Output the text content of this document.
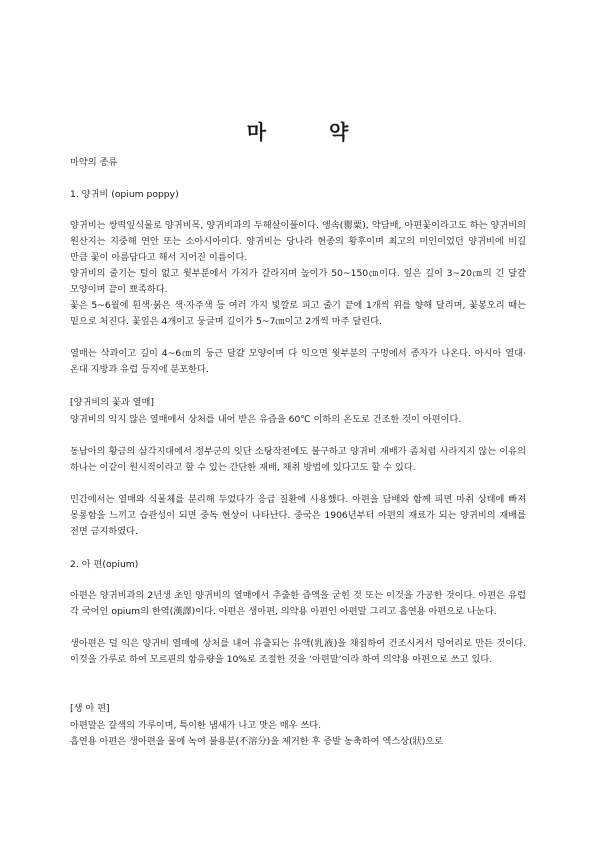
마 약
마약의 종류
1. 양귀비 (opium poppy)
양귀비는 쌍떡잎식물로 양귀비목, 양귀비과의 두해살이풀이다. 앵속(罌粟), 약담배, 아편꽃이라고도 하는 양귀비의 원산지는 지중해 연안 또는 소아시아이다. 양귀비는 당나라 현종의 황후이며 최고의 미인이었던 양귀비에 비길 만큼 꽃이 아름답다고 해서 지어진 이름이다.
양귀비의 줄기는 털이 없고 윗부분에서 가지가 갈라지며 높이가 50~150㎝이다. 잎은 길이 3~20㎝의 긴 달걀 모양이며 끝이 뾰족하다.
꽃은 5~6월에 흰색·붉은 색·자주색 등 여러 가지 빛깔로 피고 줄기 끝에 1개씩 위를 향해 달리며, 꽃봉오리 때는 밑으로 처진다. 꽃잎은 4개이고 둥글며 길이가 5~7㎝이고 2개씩 마주 달린다.
열매는 삭과이고 길이 4~6㎝의 둥근 달걀 모양이며 다 익으면 윗부분의 구멍에서 종자가 나온다. 아시아 열대·온대 지방과 유럽 등지에 분포한다.
[양귀비의 꽃과 열매]
양귀비의 익지 않은 열매에서 상처를 내어 받은 유즙을 60℃ 이하의 온도로 건조한 것이 아편이다.
동남아의 황금의 삼각지대에서 정부군의 잇단 소탕작전에도 불구하고 양귀비 재배가 좀처럼 사라지지 않는 이유의 하나는 이같이 원시적이라고 할 수 있는 간단한 재배, 채취 방법에 있다고도 할 수 있다.
민간에서는 열매와 식물체를 분리해 두었다가 응급 질환에 사용했다. 아편을 담배와 함께 피면 마취 상태에 빠져 몽롱함을 느끼고 습관성이 되면 중독 현상이 나타난다. 중국은 1906년부터 아편의 재료가 되는 양귀비의 재배를 전면 금지하였다.
2. 아 편(opium)
아편은 양귀비과의 2년생 초인 양귀비의 열매에서 추출한 즙액을 굳힌 것 또는 이것을 가공한 것이다. 아편은 유럽 각 국어인 opium의 한역(漢譯)이다. 아편은 생아편, 의약용 아편인 아편말 그리고 흡연용 아편으로 나눈다.
생아편은 덜 익은 양귀비 열매에 상처를 내어 유출되는 유액(乳液)을 채집하여 건조시켜서 덩어리로 만든 것이다. 이것을 가루로 하여 모르핀의 함유량을 10%로 조절한 것을 ‘아편말’이라 하여 의약용 아편으로 쓰고 있다.
[생 아 편]
아편말은 갈색의 가루이며, 특이한 냄새가 나고 맛은 매우 쓰다.
흡연용 아편은 생아편을 물에 녹여 불용분(不溶分)을 제거한 후 증발 농축하여 엑스상(狀)으로
